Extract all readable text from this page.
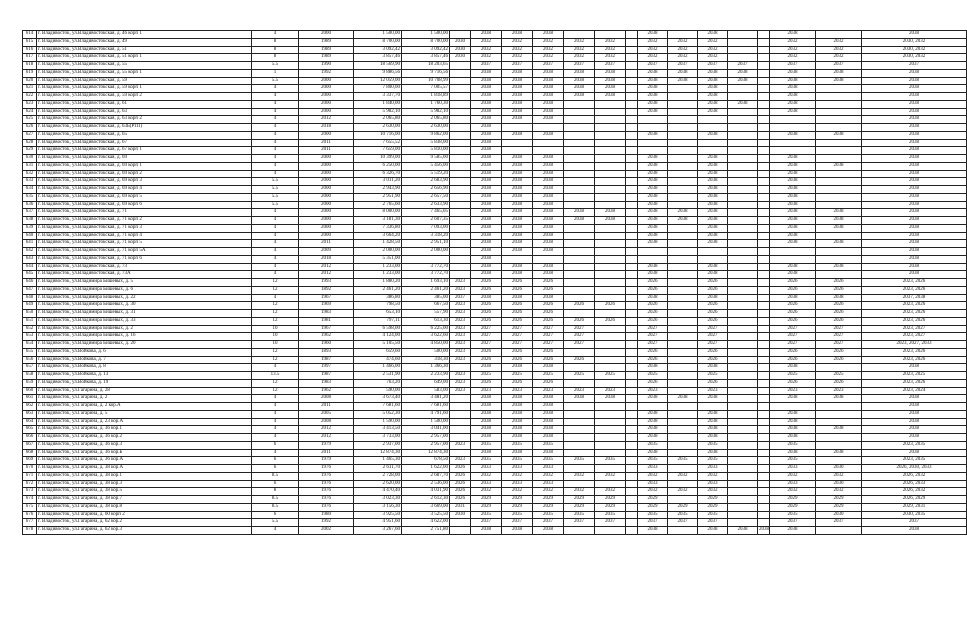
614	г. Владивосток, ул.Владивостокская, д. 46 корп 1	4	2000	1 500,00	1 500,00		2038	2038	2038				2038		2038			2038		2038
615	г. Владивосток, ул.Владивостокская, д. 49	8	1989	8 700,00	8 700,00	2030	2032	2032	2032	2032	2032		2032	2032	2032			2032	2032	2030, 2032
616	г. Владивосток, ул.Владивостокская, д. 51	8	1989	3 092,42	3 092,42	2030	2032	2032	2032	2032	2032		2032	2032	2032			2032	2032	2030, 2032
617	г. Владивосток, ул.Владивостокская, д. 51 корп 1	8	1989	3 857,46	3 857,46	2030	2032	2032	2032	2032	2032		2032	2032	2032			2032	2032	2030, 2032
618	г. Владивосток, ул.Владивостокская, д. 55	5.5	1990	18 569,90	18 203,65		2037	2037	2037	2037	2037		2037	2037	2037	2037		2037	2037	2037
619	г. Владивосток, ул.Владивостокская, д. 55 корп 1	1	1992	9 886,56	9 716,56		2038	2038	2038	2038	2038		2038	2038	2038	2038		2038	2038	2038
620	г. Владивосток, ул.Владивостокская, д. 59	5.5	2000	12 059,00	10 708,99		2038	2038	2038	2038	2038		2038	2038	2038	2038		2038	2038	2038
621	г. Владивосток, ул.Владивостокская, д. 59 корп 1	4	2000	7 800,00	7 005,57		2038	2038	2038	2038	2038		2038		2038			2038		2038
622	г. Владивосток, ул.Владивостокская, д. 59 корп 2	4	2000	3 337,70	1 818,89		2038	2038	2038	2038	2038		2038		2038			2038		2038
623	г. Владивосток, ул.Владивостокская, д. 61	4	2000	1 840,00	1 760,30		2038	2038	2038				2038		2038	2038		2038		2038
624	г. Владивосток, ул.Владивостокская, д. 63	4	2000	5 982,10	5 982,10		2038	2038	2038				2038		2038			2038		2038
625	г. Владивосток, ул.Владивостокская, д. 63 корп 2	4	2012	2 065,80	2 065,80		2038	2038	2038											2038
626	г. Владивосток, ул.Владивостокская, д. 63Б(РП1)	4	2018	2 630,00	2 630,00		2038													2038
627	г. Владивосток, ул.Владивостокская, д. 65	4	2000	10 716,00	9 862,00		2038	2038	2038				2038		2038			2038	2038	2038
628	г. Владивосток, ул.Владивостокская, д. 67	4	2011	7 655,52	5 838,00		2038													2038
629	г. Владивосток, ул.Владивостокская, д. 67 корп 1	4	2011	7 659,00	5 810,00		2038													2038
630	г. Владивосток, ул.Владивостокская, д. 69	4	2000	10 399,00	9 585,00		2038	2038	2038				2038		2038			2038		2038
631	г. Владивосток, ул.Владивостокская, д. 69 корп 1	4	2000	6 250,00	5 456,00		2038	2038	2038				2038		2038			2038	2038	2038
632	г. Владивосток, ул.Владивостокская, д. 69 корп 2	4	2000	6 326,70	5 519,20		2038	2038	2038				2038		2038			2038		2038
633	г. Владивосток, ул.Владивостокская, д. 69 корп 3	5.5	2000	3 011,20	2 683,90		2038	2038	2038				2038		2038			2038		2038
634	г. Владивосток, ул.Владивостокская, д. 69 корп 4	5.5	2000	2 943,90	2 656,90		2038	2038	2038				2038		2038			2038		2038
635	г. Владивосток, ул.Владивостокская, д. 69 корп 5	5.5	2000	2 951,90	2 657,50		2038	2038	2038				2038		2038			2038		2038
636	г. Владивосток, ул.Владивостокская, д. 69 корп 6	5.5	2000	2 765,60	2 633,90		2038	2038	2038				2038		2038			2038		2038
637	г. Владивосток, ул.Владивостокская, д. 71	4	2000	8 000,00	7 465,05		2038	2038	2038	2038	2038		2038	2038	2038			2038	2038	2038
638	г. Владивосток, ул.Владивостокская, д. 71 корп 2	4	2000	3 181,30	2 607,35		2038	2038	2038	2038	2038		2038	2038	2038			2038	2038	2038
639	г. Владивосток, ул.Владивостокская, д. 71 корп 3	4	2000	7 336,80	7 093,00		2038	2038	2038				2038		2038			2038	2038	2038
640	г. Владивосток, ул.Владивостокская, д. 71 корп 4	4	2000	3 664,20	3 318,20		2038	2038	2038				2038		2038			2038		2038
641	г. Владивосток, ул.Владивостокская, д. 71 корп 5	4	2011	1 428,50	2 951,10		2038	2038	2038				2038		2038			2038	2038	2038
642	г. Владивосток, ул.Владивостокская, д. 71 корп 5А	4	2009	2 000,00	2 000,00		2038	2038	2038											2038
643	г. Владивосток, ул.Владивостокская, д. 71 корп 6	4	2018	5 351,00			2038													2038
644	г. Владивосток, ул.Владивостокская, д. 73	4	2012	1 233,00	3 772,70		2038	2038	2038				2038		2038			2038	2038	2038
645	г. Владивосток, ул.Владивостокская, д. 73А	4	2012	1 233,00	3 772,70		2038	2038	2038				2038		2038			2038		2038
646	г. Владивосток, ул.Владимира Бишевых, д. 5	12	1993	1 880,20	1 693,10	2023	2026	2026	2026				2026		2026			2026	2026	2023, 2026
647	г. Владивосток, ул.Владимира Бишевых, д. 6	12	1892	2 461,20	2 461,20	2023	2026	2026	2026				2026		2026			2026	2026	2023, 2026
648	г. Владивосток, ул.Владимира Бишевых, д. 22	4	1967	386,80	385,00	2037	2038	2038	2038				2038		2038			2038	2038	2037, 2038
649	г. Владивосток, ул.Владимира Бишевых, д. 30	12	1969	798,50	667,50	2023	2026	2026	2026	2026	2026		2026		2026			2026	2026	2023, 2026
650	г. Владивосток, ул.Владимира Бишевых, д. 31	12	1983	653,10	557,90	2023	2026	2026	2026				2026		2026			2026	2026	2023, 2026
651	г. Владивосток, ул.Владимира Бишевых, д. 33	12	1981	797,11	613,30	2023	2026	2026	2026	2026	2026		2026		2026			2026	2026	2023, 2026
652	г. Владивосток, ул.Владимира Бишевых, д. 2	10	1967	6 598,00	6 225,00	2023	2027	2027	2027	2027			2027		2027			2027	2027	2023, 2027
653	г. Владивосток, ул.Владимира Бишевых, д. 16	10	1962	4 124,00	3 622,60	2023	2027	2027	2027	2027			2027		2027			2027	2027	2023, 2027
654	г. Владивосток, ул.Владимира Бишевых, д. 20	10	1960	5 105,50	4 850,00	2023	2027	2027	2027	2027			2027		2027			2027	2027	2023, 2027, 2033
655	г. Владивосток, ул.Войкова, д. 6	12	1893	659,60	500,00	2023	2026	2026	2026				2026		2026			2026	2026	2023, 2026
656	г. Владивосток, ул.Войкова, д. 7	12	1987	474,60	318,30	2023	2026	2026	2026	2026			2026		2026			2026	2026	2023, 2026
657	г. Владивосток, ул.Войкова, д. 8	4	1997	1 466,00	1 366,30		2038	2038	2038				2038		2038			2038		2038
658	г. Владивосток, ул.Войкова, д. 13	13.5	1987	2 531,90	2 233,90	2023	2025	2025	2025	2025	2025		2025		2025			2025	2025	2023, 2025
659	г. Владивосток, ул.Войкова, д. 19	12	1983	763,20	649,00	2023	2026	2026	2026				2026		2026			2026	2026	2023, 2026
660	г. Владивосток, ул.Гагарина, д. 28	12	1962	590,00	583,00	2023	2023	2023	2023	2023	2023		2023		2023			2023	2023	2023, 2024
661	г. Владивосток, ул.Гагарина, д. 2	4	2008	3 673,40	3 481,20		2038	2038	2038	2038	2038		2038	2038	2038			2038	2038	2038
662	г. Владивосток, ул.Гагарина, д. 2 кор.А	4	2011	7 681,60	7 681,60		2038	2038	2038											2038
663	г. Владивосток, ул.Гагарина, д. 5	4	2005	5 052,30	4 791,60		2038	2038	2038				2038		2038			2038		2038
664	г. Владивосток, ул.Гагарина, д. 23 кор.А	4	2008	1 590,00	1 500,00		2038	2038	2038				2038		2038			2038		2038
665	г. Владивосток, ул.Гагарина, д. 36 кор.1	4	2012	3 413,50	3 041,00		2038	2038	2038				2038		2038			2038	2038	2038
666	г. Владивосток, ул.Гагарина, д. 36 кор.2	4	2012	3 733,00	2 957,00		2038	2038	2038				2038		2038			2038		2038
667	г. Владивосток, ул.Гагарина, д. 36 кор.3	6	1979	2 937,00	2 957,00	2023	2035	2035	2035				2035		2035			2035		2023, 2035
668	г. Владивосток, ул.Гагарина, д. 36 кор.Б	4	2011	12 874,30	12 874,30		2038	2038	2038				2038		2038			2038	2038	2038
669	г. Владивосток, ул.Гагарина, д. 36 кор.А	6	1979	1 465,30	678,50	2023	2035	2035	2035	2035	2035		2035	2035	2035			2035		2023, 2035
670	г. Владивосток, ул.Гагарина, д. 38 кор.А	6	1976	2 611,70	1 622,00	2026	2033	2033	2033				2033		2033			2033	2030	2026, 2030, 2033
671	г. Владивосток, ул.Гагарина, д. 38 кор.1	8.5	1976	2 728,00	2 687,70	2026	2032	2032	2032	2032	2032		2032	2032	2032			2032	2032	2026, 2032
672	г. Владивосток, ул.Гагарина, д. 38 кор.3	6	1976	2 620,00	2 536,00	2026	2033	2033	2033				2033		2033			2033	2030	2026, 2033
673	г. Владивосток, ул.Гагарина, д. 38 кор.5	8	1976	4 470,40	4 031,90	2026	2032	2032	2032	2032	2032		2032	2032	2032			2032	2032	2026, 2032
674	г. Владивосток, ул.Гагарина, д. 38 кор.7	8.5	1976	3 023,30	2 612,30	2026	2029	2029	2029	2029	2029		2029		2029			2029	2029	2026, 2029
675	г. Владивосток, ул.Гагарина, д. 38 кор.8	8.5	1976	3 156,30	3 669,00	2031	2029	2029	2029	2029	2029		2029	2029	2029			2029	2029	2029, 2031
676	г. Владивосток, ул.Гагарина, д. 60 корп 2	6	1980	3 925,50	3 525,50	2030	2035	2035	2035	2035	2035		2035	2035	2035			2035	2030	2030, 2035
677	г. Владивосток, ул.Гагарина, д. 62 кор.2	5.5	1992	4 951,60	4 622,00		2037	2037	2037	2037	2037		2037	2037	2037			2037	2037	2037
678	г. Владивосток, ул.Гагарина, д. 62 кор.3	4	2002	3 267,60	2 751,80		2038	2038	2038				2038		2038	2038	2038	2038		2038
